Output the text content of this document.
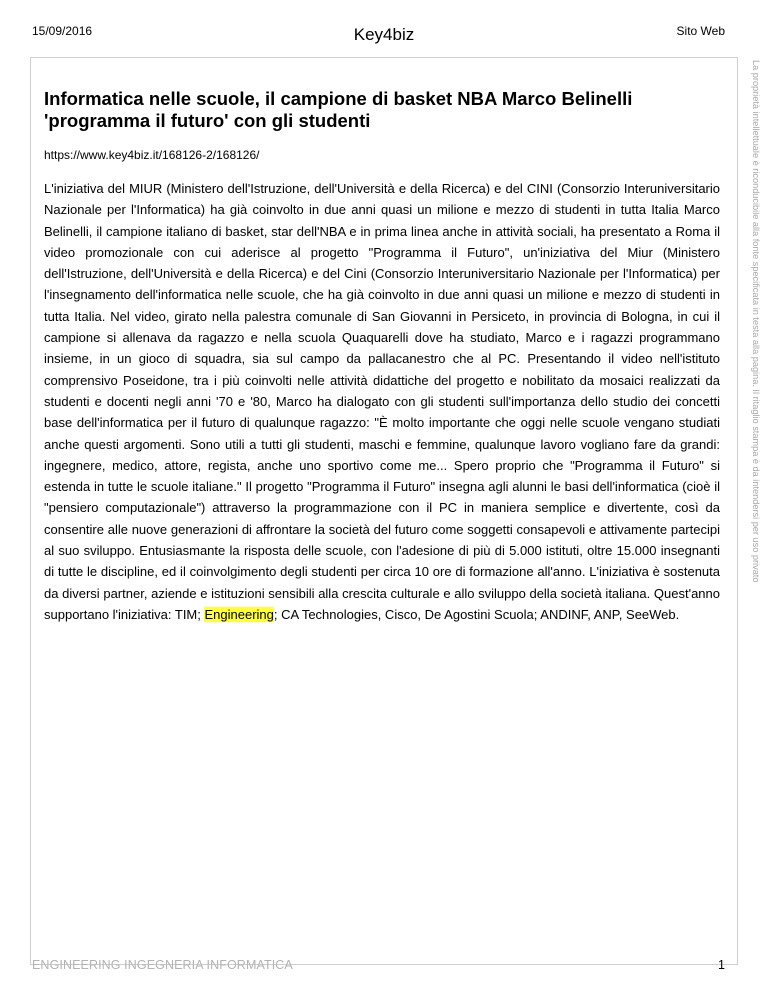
15/09/2016	Key4biz	Sito Web
Informatica nelle scuole, il campione di basket NBA Marco Belinelli 'programma il futuro' con gli studenti
https://www.key4biz.it/168126-2/168126/
L'iniziativa del MIUR (Ministero dell'Istruzione, dell'Università e della Ricerca) e del CINI (Consorzio Interuniversitario Nazionale per l'Informatica) ha già coinvolto in due anni quasi un milione e mezzo di studenti in tutta Italia Marco Belinelli, il campione italiano di basket, star dell'NBA e in prima linea anche in attività sociali, ha presentato a Roma il video promozionale con cui aderisce al progetto "Programma il Futuro", un'iniziativa del Miur (Ministero dell'Istruzione, dell'Università e della Ricerca) e del Cini (Consorzio Interuniversitario Nazionale per l'Informatica) per l'insegnamento dell'informatica nelle scuole, che ha già coinvolto in due anni quasi un milione e mezzo di studenti in tutta Italia. Nel video, girato nella palestra comunale di San Giovanni in Persiceto, in provincia di Bologna, in cui il campione si allenava da ragazzo e nella scuola Quaquarelli dove ha studiato, Marco e i ragazzi programmano insieme, in un gioco di squadra, sia sul campo da pallacanestro che al PC. Presentando il video nell'istituto comprensivo Poseidone, tra i più coinvolti nelle attività didattiche del progetto e nobilitato da mosaici realizzati da studenti e docenti negli anni '70 e '80, Marco ha dialogato con gli studenti sull'importanza dello studio dei concetti base dell'informatica per il futuro di qualunque ragazzo: "È molto importante che oggi nelle scuole vengano studiati anche questi argomenti. Sono utili a tutti gli studenti, maschi e femmine, qualunque lavoro vogliano fare da grandi: ingegnere, medico, attore, regista, anche uno sportivo come me... Spero proprio che "Programma il Futuro" si estenda in tutte le scuole italiane." Il progetto "Programma il Futuro" insegna agli alunni le basi dell'informatica (cioè il "pensiero computazionale") attraverso la programmazione con il PC in maniera semplice e divertente, così da consentire alle nuove generazioni di affrontare la società del futuro come soggetti consapevoli e attivamente partecipi al suo sviluppo. Entusiasmante la risposta delle scuole, con l'adesione di più di 5.000 istituti, oltre 15.000 insegnanti di tutte le discipline, ed il coinvolgimento degli studenti per circa 10 ore di formazione all'anno. L'iniziativa è sostenuta da diversi partner, aziende e istituzioni sensibili alla crescita culturale e allo sviluppo della società italiana. Quest'anno supportano l'iniziativa: TIM; Engineering; CA Technologies, Cisco, De Agostini Scuola; ANDINF, ANP, SeeWeb.
La proprietà intellettuale è riconducibile alla fonte specificata in testa alla pagina. Il ritaglio stampa è da intendersi per uso privato
ENGINEERING INGEGNERIA INFORMATICA	1
